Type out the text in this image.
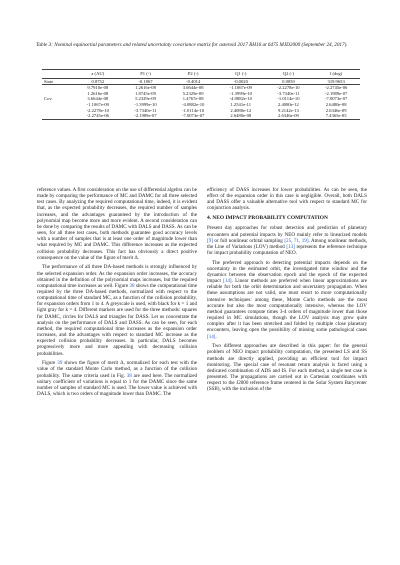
Table 3: Nominal equinoctial parameters and related uncertainty covariance matrix for asteroid 2017 RH16 at 6475 MJD2000 (September 24, 2017).
	a (AU)	P1 (-)	P2 (-)	Q1 (-)	Q2 (-)	l (deg)
State	0.8752	-0.1867	-0.4014	-0.0020	0.0050	319.9653
	9.7910e-08	1.2616e-08	3.6644e-08	-1.1067e-09	-2.2278e-10	-2.2745e-06
	1.2616e-08	1.8745e-09	5.2329e-09	-1.3999e-10	-3.7340e-11	-2.1989e-07
Cov.	3.6644e-08	5.2329e-09	1.4767e-08	-4.0882e-10	-1.0114e-10	-7.0073e-07
	-1.1067e-09	-1.3999e-10	-4.0882e-10	1.2541e-11	2.4080e-12	2.6480e-08
	-2.2278e-10	-3.7340e-11	-1.0114e-10	2.4080e-12	9.2142e-13	2.6346e-09
	-2.2745e-06	-2.1989e-07	-7.0073e-07	2.6480e-08	2.6346e-09	7.4365e-05

reference values. A first consideration on the use of differential algebra can be made by comparing the performance of MC and DAMC for all three selected test cases. By analyzing the required computational time, indeed, it is evident that, as the expected probability decreases, the required number of samples increases, and the advantages guaranteed by the introduction of the polynomial map become more and more evident. A second consideration can be done by comparing the results of DAMC with DALS and DASS. As can be seen, for all three test cases, both methods guarantee good accuracy levels with a number of samples that is at least one order of magnitude lower than what required by MC and DAMC. This difference increases as the expected collision probability decreases. This fact has obviously a direct positive consequence on the value of the figure of merit Δ.

The performance of all three DA-based methods is strongly influenced by the selected expansion order. As the expansion order increases, the accuracy obtained in the definition of the polynomial maps increases, but the required computational time increases as well. Figure 38 shows the computational time required by the three DA-based methods, normalized with respect to the computational time of standard MC, as a function of the collision probability, for expansion orders from 1 to 4. A greyscale is used, with black for k = 1 and light gray for k = 4. Different markers are used for the three methods: squares for DAMC, circles for DALS and triangles for DASS. Let us concentrate the analysis on the performance of DALS and DASS. As can be seen, for each method, the required computational time increases as the expansion order increases, and the advantages with respect to standard MC increase as the expected collision probability decreases. In particular, DALS becomes progressively more and more appealing with decreasing collision probabilities.

Figure 39 shows the figure of merit Δ, normalized for each test with the value of the standard Monte Carlo method, as a function of the collision probability. The same criteria used in Fig. 38 are used here. The normalized unitary coefficient of variations is equal to 1 for the DAMC since the same number of samples of standard MC is used. The lower value is achieved with DALS, which is two orders of magnitude lower than DAMC. The

efficiency of DASS increases for lower probabilities. As can be seen, the effect of the expansion order in this case is negligible. Overall, both DALS and DASS offer a valuable alternative tool with respect to standard MC for conjunction analysis.

4. NEO IMPACT PROBABILITY COMPUTATION

Present day approaches for robust detection and prediction of planetary encounters and potential impacts by NEO mainly refer to linearized models [9] or full nonlinear orbital sampling [25, 71, 19]. Among nonlinear methods, the Line of Variations (LOV) method [13] represents the reference technique for impact probability computation of NEO.

The preferred approach to detecting potential impacts depends on the uncertainty in the estimated orbit, the investigated time window and the dynamics between the observation epoch and the epoch of the expected impact [14]. Linear methods are preferred when linear approximations are reliable for both the orbit determination and uncertainty propagation. When these assumptions are not valid, one must resort to more computationally intensive techniques: among these, Monte Carlo methods are the most accurate but also the most computationally intensive, whereas the LOV method guarantees compute times 3-4 orders of magnitude lower than those required in MC simulations, though the LOV analysis may grow quite complex after it has been stretched and folded by multiple close planetary encounters, leaving open the possibility of missing some pathological cases [14].

Two different approaches are described in this paper: for the general problem of NEO impact probability computation, the presented LS and SS methods are directly applied, providing an efficient tool for impact monitoring. The special case of resonant return analysis is faced using a dedicated combination of ADS and IS. For each method, a single test case is presented. The propagations are carried out in Cartesian coordinates with respect to the J2000 reference frame centered in the Solar System Barycenter (SSB), with the inclusion of the
